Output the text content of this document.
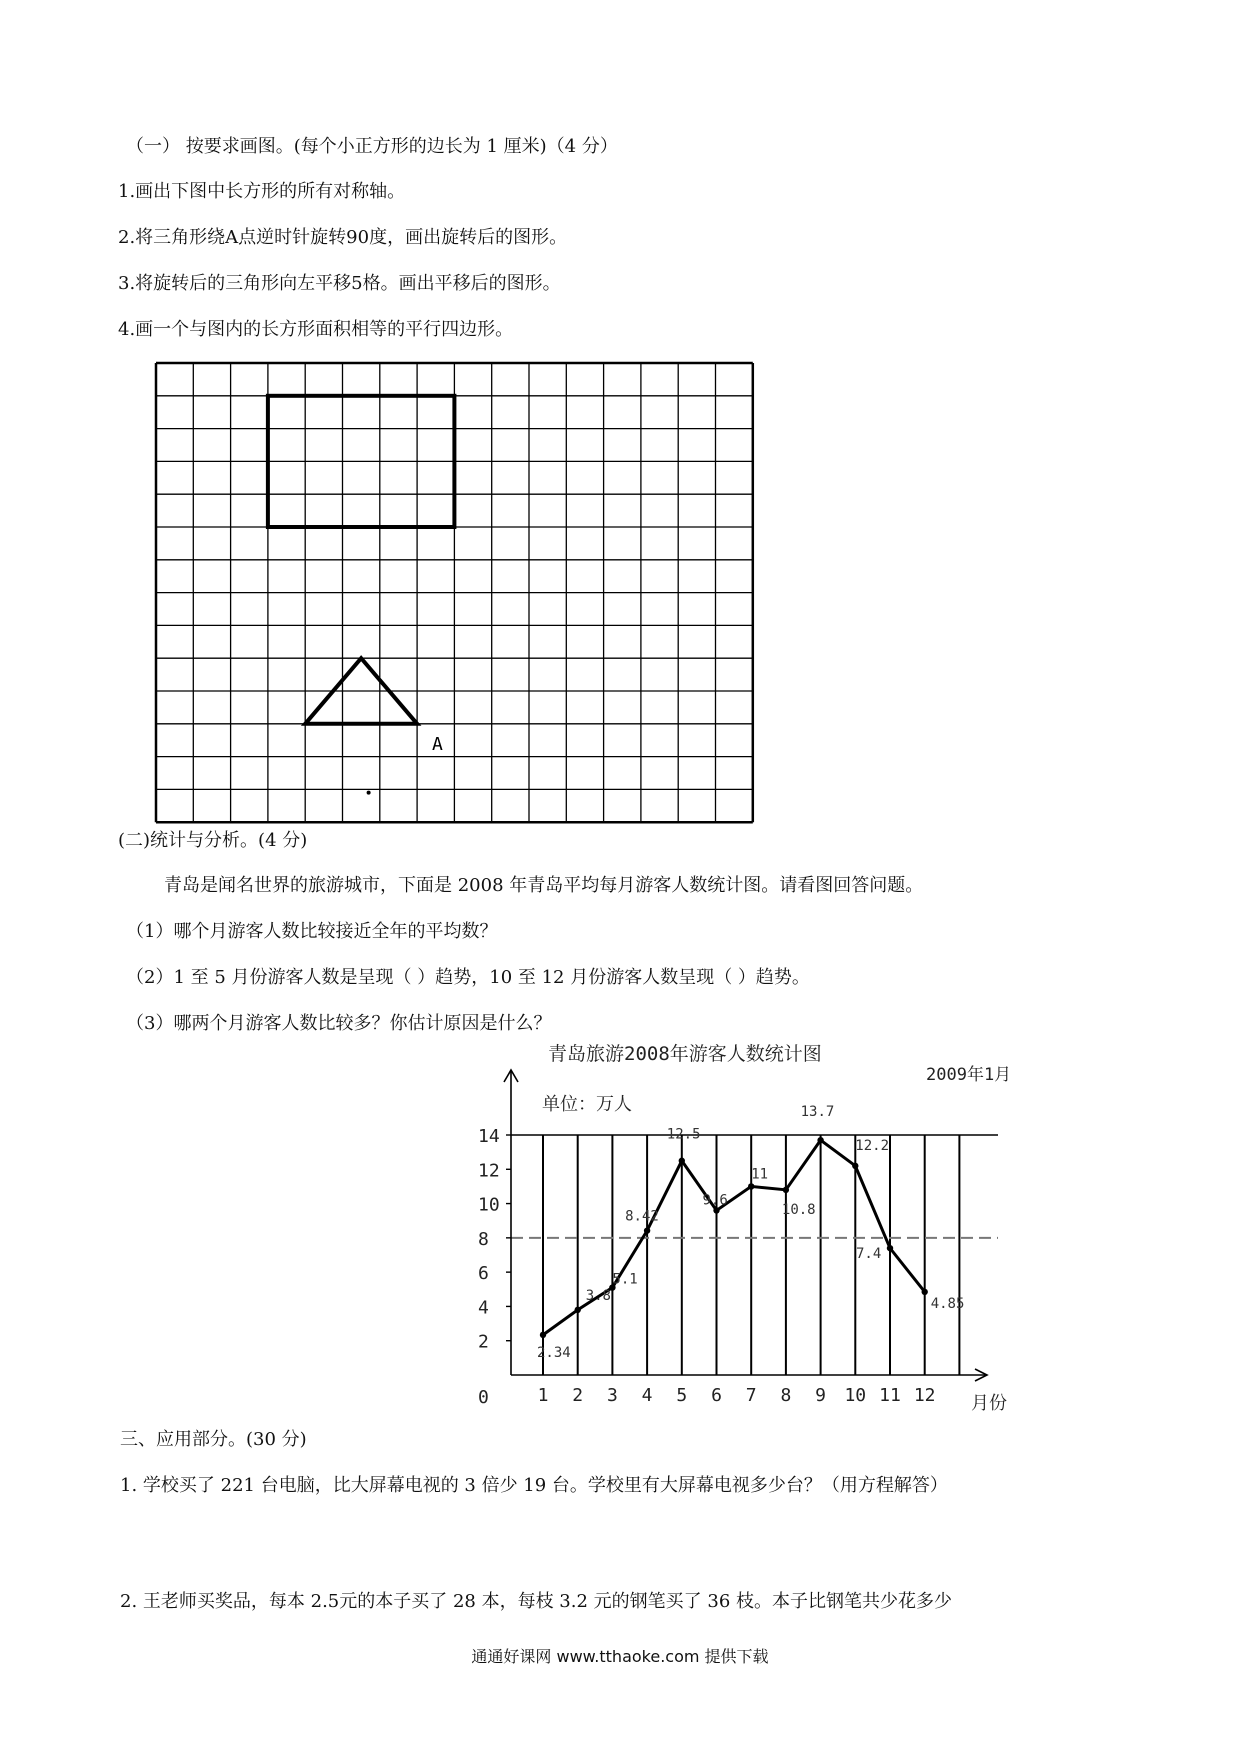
（一） 按要求画图。(每个小正方形的边长为 1 厘米)（4 分）
1.画出下图中长方形的所有对称轴。
2.将三角形绕A点逆时针旋转90度，画出旋转后的图形。
3.将旋转后的三角形向左平移5格。画出平移后的图形。
4.画一个与图内的长方形面积相等的平行四边形。
A
(二)统计与分析。(4 分)
青岛是闻名世界的旅游城市，下面是 2008 年青岛平均每月游客人数统计图。请看图回答问题。
（1）哪个月游客人数比较接近全年的平均数？
（2）1 至 5 月份游客人数是呈现（ ）趋势，10 至 12 月份游客人数呈现（ ）趋势。
（3）哪两个月游客人数比较多？你估计原因是什么？
青岛旅游2008年游客人数统计图
2009年1月
单位：万人
0
2
4
6
8
10
12
14
1 2 3 4 5 6 7 8 9 10 11 12 月份
2.34
3.8
5.1
8.42
12.5
9.6
11
10.8
13.7
12.2
7.4
4.85
三、应用部分。(30 分)
1. 学校买了 221 台电脑，比大屏幕电视的 3 倍少 19 台。学校里有大屏幕电视多少台？（用方程解答）
2. 王老师买奖品，每本 2.5元的本子买了 28 本，每枝 3.2 元的钢笔买了 36 枝。本子比钢笔共少花多少
通通好课网 www.tthaoke.com 提供下载
